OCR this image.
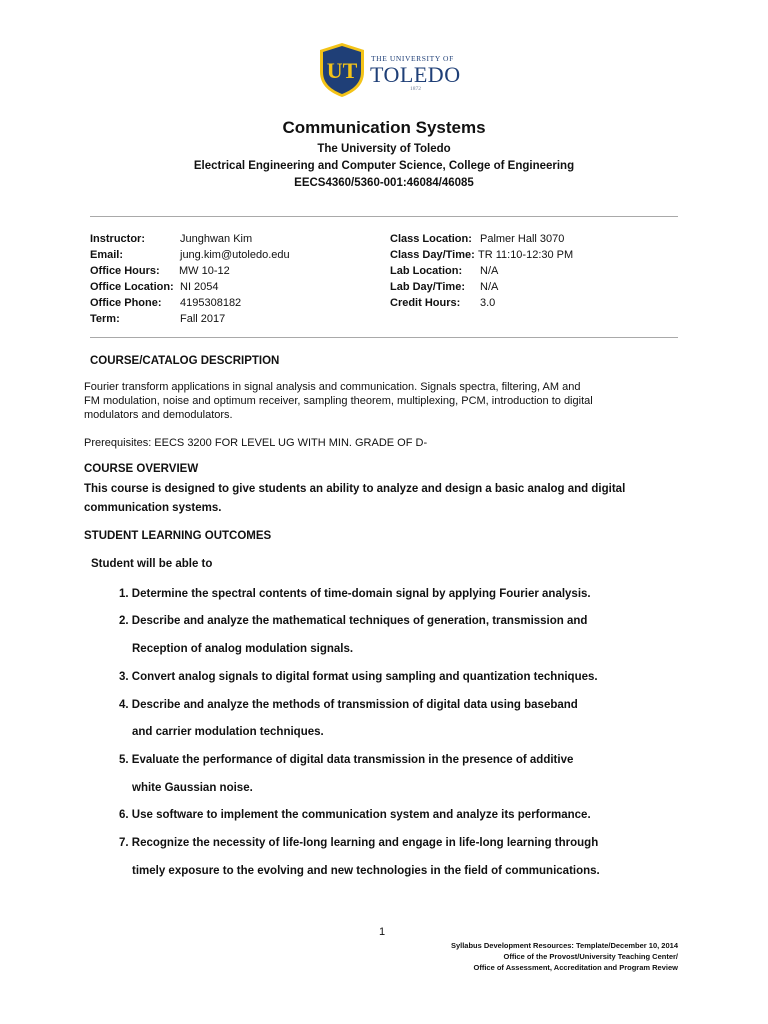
UT THE UNIVERSITY OF
TOLEDO
1872
Communication Systems
The University of Toledo
Electrical Engineering and Computer Science, College of Engineering
EECS4360/5360-001:46084/46085
Instructor:	Junghwan Kim
Email:	jung.kim@utoledo.edu
Office Hours: MW 10-12
Office Location: NI 2054
Office Phone: 4195308182
Term:	Fall 2017
Class Location: Palmer Hall 3070
Class Day/Time: TR 11:10-12:30 PM
Lab Location: N/A
Lab Day/Time: N/A
Credit Hours: 3.0
COURSE/CATALOG DESCRIPTION
Fourier transform applications in signal analysis and communication. Signals spectra, filtering, AM and
FM modulation, noise and optimum receiver, sampling theorem, multiplexing, PCM, introduction to digital
modulators and demodulators.
Prerequisites: EECS 3200 FOR LEVEL UG WITH MIN. GRADE OF D-
COURSE OVERVIEW
This course is designed to give students an ability to analyze and design a basic analog and digital
communication systems.
STUDENT LEARNING OUTCOMES
Student will be able to
1. Determine the spectral contents of time-domain signal by applying Fourier analysis.
2. Describe and analyze the mathematical techniques of generation, transmission and
Reception of analog modulation signals.
3. Convert analog signals to digital format using sampling and quantization techniques.
4. Describe and analyze the methods of transmission of digital data using baseband
and carrier modulation techniques.
5. Evaluate the performance of digital data transmission in the presence of additive
white Gaussian noise.
6. Use software to implement the communication system and analyze its performance.
7. Recognize the necessity of life-long learning and engage in life-long learning through
timely exposure to the evolving and new technologies in the field of communications.
1
Syllabus Development Resources: Template/December 10, 2014
Office of the Provost/University Teaching Center/
Office of Assessment, Accreditation and Program Review
